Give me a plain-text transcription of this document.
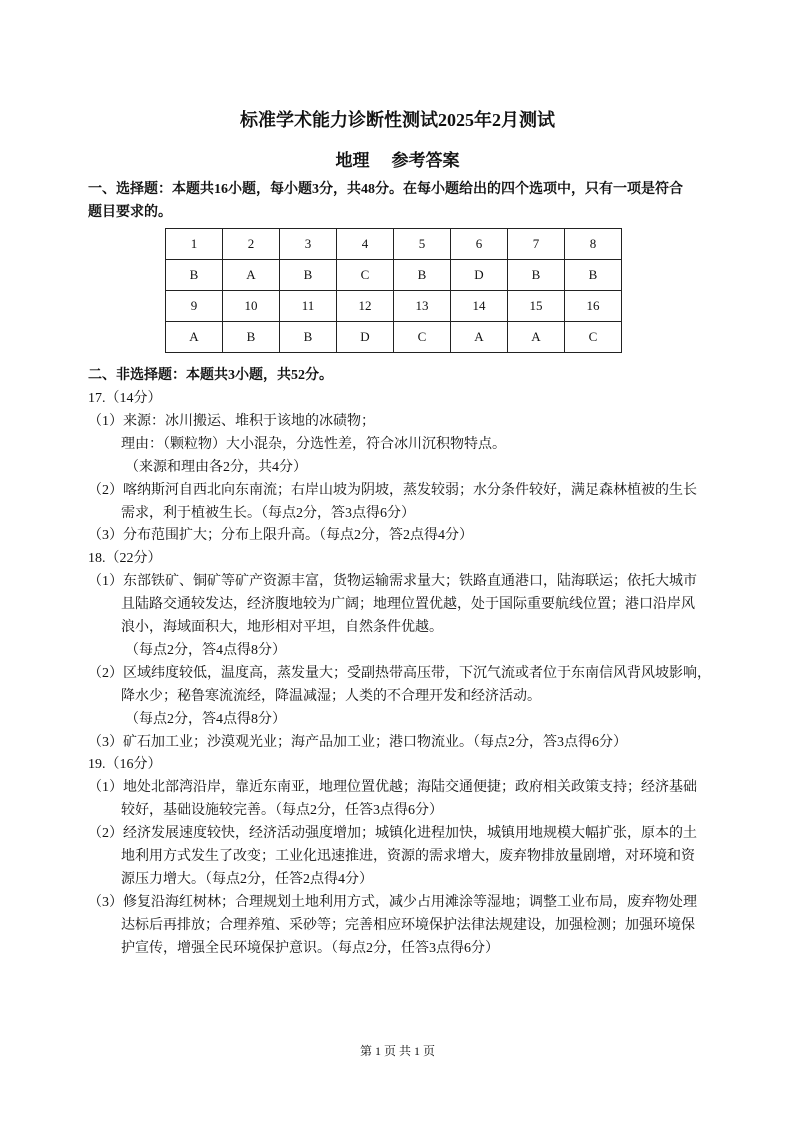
标准学术能力诊断性测试2025年2月测试
地理 参考答案
一、选择题：本题共16小题，每小题3分，共48分。在每小题给出的四个选项中，只有一项是符合
题目要求的。
1	2	3	4	5	6	7	8
B	A	B	C	B	D	B	B
9	10	11	12	13	14	15	16
A	B	B	D	C	A	A	C
二、非选择题：本题共3小题，共52分。
17.（14分）
（1）来源：冰川搬运、堆积于该地的冰碛物；
理由：（颗粒物）大小混杂，分选性差，符合冰川沉积物特点。
（来源和理由各2分，共4分）
（2）喀纳斯河自西北向东南流；右岸山坡为阴坡，蒸发较弱；水分条件较好，满足森林植被的生长
需求，利于植被生长。（每点2分，答3点得6分）
（3）分布范围扩大；分布上限升高。（每点2分，答2点得4分）
18.（22分）
（1）东部铁矿、铜矿等矿产资源丰富，货物运输需求量大；铁路直通港口，陆海联运；依托大城市
且陆路交通较发达，经济腹地较为广阔；地理位置优越，处于国际重要航线位置；港口沿岸风
浪小，海域面积大，地形相对平坦，自然条件优越。
（每点2分，答4点得8分）
（2）区域纬度较低，温度高，蒸发量大；受副热带高压带，下沉气流或者位于东南信风背风坡影响，
降水少；秘鲁寒流流经，降温减湿；人类的不合理开发和经济活动。
（每点2分，答4点得8分）
（3）矿石加工业；沙漠观光业；海产品加工业；港口物流业。（每点2分，答3点得6分）
19.（16分）
（1）地处北部湾沿岸，靠近东南亚，地理位置优越；海陆交通便捷；政府相关政策支持；经济基础
较好，基础设施较完善。（每点2分，任答3点得6分）
（2）经济发展速度较快，经济活动强度增加；城镇化进程加快，城镇用地规模大幅扩张，原本的土
地利用方式发生了改变；工业化迅速推进，资源的需求增大，废弃物排放量剧增，对环境和资
源压力增大。（每点2分，任答2点得4分）
（3）修复沿海红树林；合理规划土地利用方式，减少占用滩涂等湿地；调整工业布局，废弃物处理
达标后再排放；合理养殖、采砂等；完善相应环境保护法律法规建设，加强检测；加强环境保
护宣传，增强全民环境保护意识。（每点2分，任答3点得6分）
第 1 页 共 1 页
